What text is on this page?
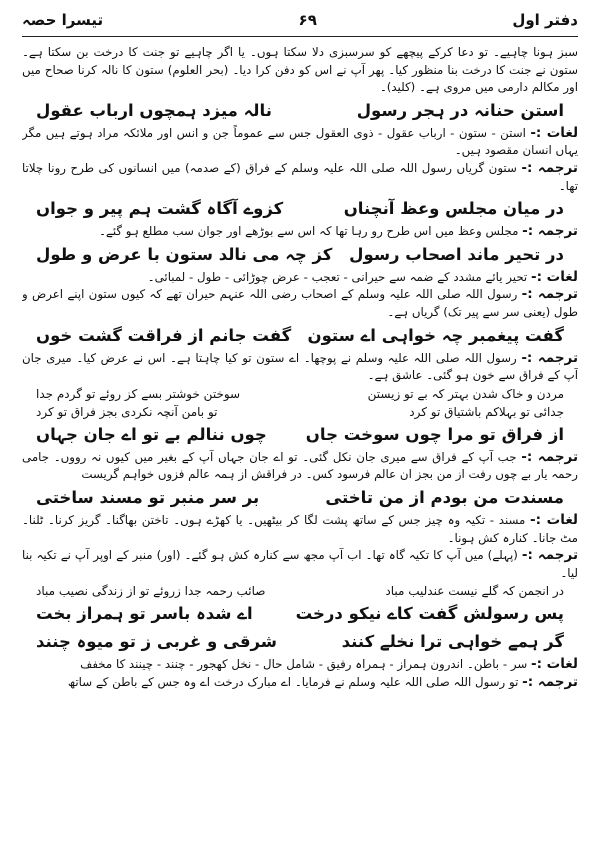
دفتر اول
۶۹
تیسرا حصہ

سبز ہونا چاہیے۔ تو دعا کرکے پیچھے کو سرسبزی دلا سکتا ہوں۔ یا اگر چاہیے تو جنت کا درخت بن سکتا ہے۔ ستون نے جنت کا درخت بنا منظور کیا۔ پھر آپ نے اس کو دفن کرا دیا۔ (بحر العلوم) ستون کا نالہ کرنا صحاح میں اور مکالم دارمی میں مروی ہے۔ (کلید)۔

استن حنانہ در ہجر رسول
نالہ میزد ہمچوں ارباب عقول

لغات :- استن - ستون - ارباب عقول - ذوی العقول جس سے عموماً جن و انس اور ملائکہ مراد ہوتے ہیں مگر یہاں انسان مقصود ہیں۔

ترجمہ :- ستون گریاں رسول اللہ صلی اللہ علیہ وسلم کے فراق (کے صدمہ) میں انسانوں کی طرح رونا چلاتا تھا۔

در میان مجلس وعظ آنچناں
کزوے آگاہ گشت ہم پیر و جواں

ترجمہ :- مجلس وعظ میں اس طرح رو رہا تھا کہ اس سے بوڑھے اور جوان سب مطلع ہو گئے۔

در تحیر ماند اصحاب رسول
کز چہ می نالد ستون با عرض و طول

لغات :- تحیر یائے مشدد کے ضمہ سے حیرانی - تعجب - عرض چوڑائی - طول - لمبائی۔

ترجمہ :- رسول اللہ صلی اللہ علیہ وسلم کے اصحاب رضی اللہ عنہم حیران تھے کہ کیوں ستون اپنے اعرض و طول (یعنی سر سے پیر تک) گریاں ہے۔

گفت پیغمبر چہ خواہی اے ستون
گفت جانم از فراقت گشت خوں

ترجمہ :- رسول اللہ صلی اللہ علیہ وسلم نے پوچھا۔ اے ستون تو کیا چاہتا ہے۔ اس نے عرض کیا۔ میری جان آپ کے فراق سے خون ہو گئی۔ عاشق ہے۔

مردن و خاک شدن بہتر کہ بے تو زیستن
سوختن خوشتر بسے کز روئے تو گردم جدا
جدائی تو بہلاکم باشتیاق تو کرد
تو بامن آنچہ نکردی بجز فراق تو کرد
از فراق تو مرا چوں سوخت جاں
چوں ننالم بے تو اے جان جہاں

ترجمہ :- جب آپ کے فراق سے میری جان نکل گئی۔ تو اے جان جہاں آپ کے بغیر میں کیوں نہ رووں۔ جامی رحمہ یار بے چوں رفت از من بجز ان عالم فرسود کس۔ در فراقش از ہمہ عالم فزوں خواہم گریست

مسندت من بودم از من تاختی
بر سر منبر تو مسند ساختی

لغات :- مسند - تکیہ وہ چیز جس کے ساتھ پشت لگا کر بیٹھیں۔ یا کھڑے ہوں۔ تاختن بھاگنا۔ گریز کرنا۔ ٹلنا۔ مٹ جانا۔ کنارہ کش ہونا۔

ترجمہ :- (پہلے) میں آپ کا تکیہ گاہ تھا۔ اب آپ مجھ سے کنارہ کش ہو گئے۔ (اور) منبر کے اوپر آپ نے تکیہ بنا لیا۔

در انجمن کہ گلے نیست عندلیب مباد
صائب رحمہ جدا زروئے تو از زندگی نصیب مباد
پس رسولش گفت کاے نیکو درخت
اے شدہ باسر تو ہمراز بخت
گر ہمے خواہی ترا نخلے کنند
شرقی و غربی ز تو میوہ چنند

لغات :- سر - باطن۔ اندرون ہمراز - ہمراہ رفیق - شامل حال - نخل کھجور - چنند - چینند کا مخفف

ترجمہ :- تو رسول اللہ صلی اللہ علیہ وسلم نے فرمایا۔ اے مبارک درخت اے وہ جس کے باطن کے ساتھ
